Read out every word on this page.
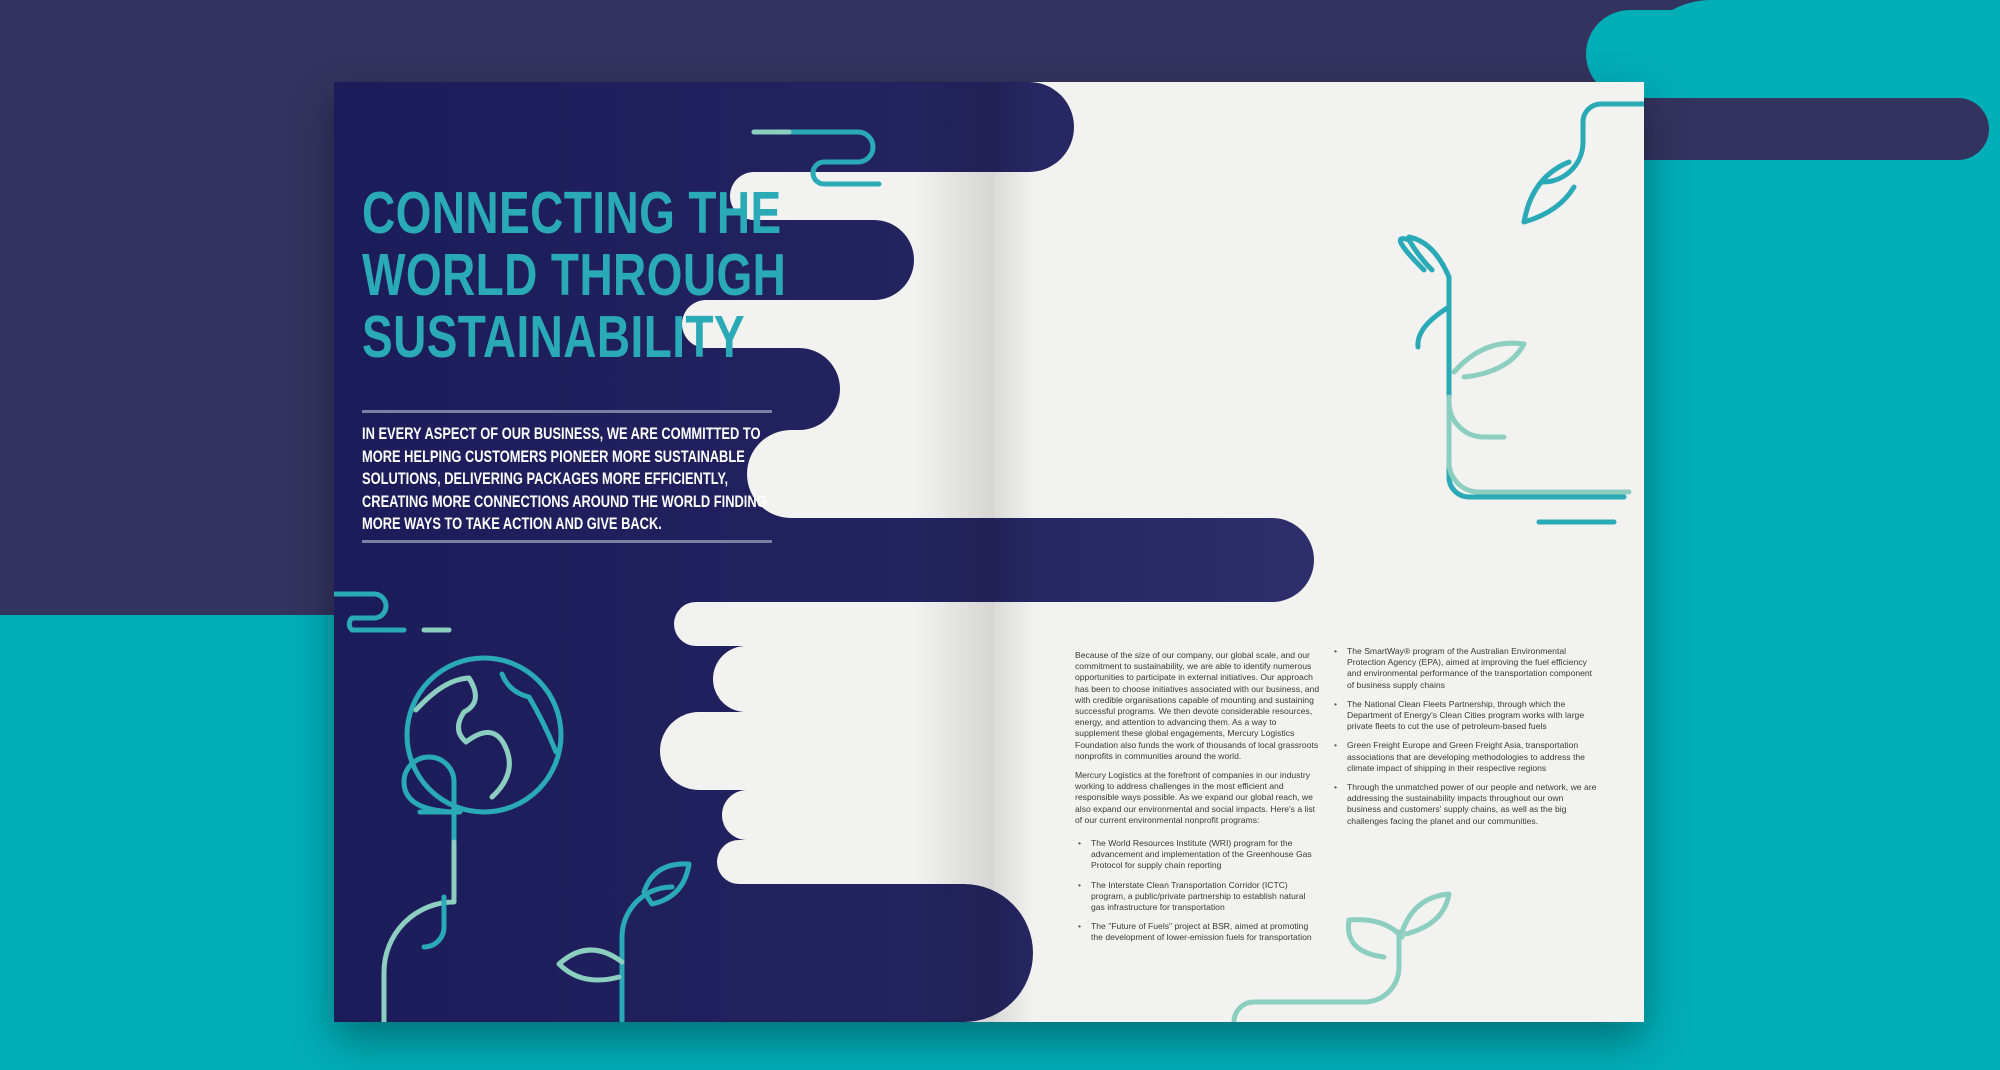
CONNECTING THE
WORLD THROUGH
SUSTAINABILITY

IN EVERY ASPECT OF OUR BUSINESS, WE ARE COMMITTED TO MORE HELPING CUSTOMERS PIONEER MORE SUSTAINABLE SOLUTIONS, DELIVERING PACKAGES MORE EFFICIENTLY, CREATING MORE CONNECTIONS AROUND THE WORLD FINDING MORE WAYS TO TAKE ACTION AND GIVE BACK.

Because of the size of our company, our global scale, and our commitment to sustainability, we are able to identify numerous opportunities to participate in external initiatives. Our approach has been to choose initiatives associated with our business, and with credible organisations capable of mounting and sustaining successful programs. We then devote considerable resources, energy, and attention to advancing them. As a way to supplement these global engagements, Mercury Logistics Foundation also funds the work of thousands of local grassroots nonprofits in communities around the world.

Mercury Logistics at the forefront of companies in our industry working to address challenges in the most efficient and responsible ways possible. As we expand our global reach, we also expand our environmental and social impacts. Here's a list of our current environmental nonprofit programs:

• The World Resources Institute (WRI) program for the advancement and implementation of the Greenhouse Gas Protocol for supply chain reporting
• The Interstate Clean Transportation Corridor (ICTC) program, a public/private partnership to establish natural gas infrastructure for transportation
• The "Future of Fuels" project at BSR, aimed at promoting the development of lower-emission fuels for transportation
• The SmartWay® program of the Australian Environmental Protection Agency (EPA), aimed at improving the fuel efficiency and environmental performance of the transportation component of business supply chains
• The National Clean Fleets Partnership, through which the Department of Energy's Clean Cities program works with large private fleets to cut the use of petroleum-based fuels
• Green Freight Europe and Green Freight Asia, transportation associations that are developing methodologies to address the climate impact of shipping in their respective regions
• Through the unmatched power of our people and network, we are addressing the sustainability impacts throughout our own business and customers' supply chains, as well as the big challenges facing the planet and our communities.
